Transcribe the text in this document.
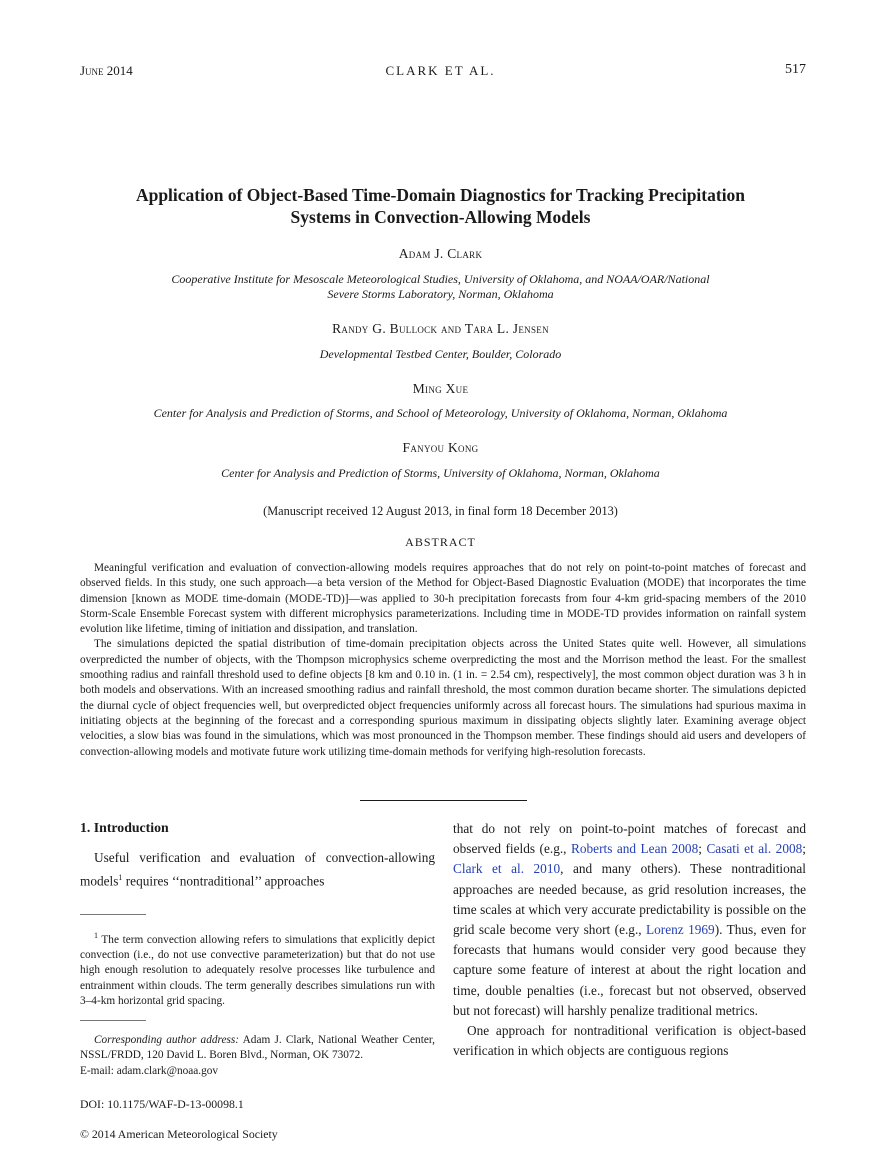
June 2014	CLARK ET AL.	517
Application of Object-Based Time-Domain Diagnostics for Tracking Precipitation
Systems in Convection-Allowing Models
Adam J. Clark
Cooperative Institute for Mesoscale Meteorological Studies, University of Oklahoma, and NOAA/OAR/National
Severe Storms Laboratory, Norman, Oklahoma
Randy G. Bullock and Tara L. Jensen
Developmental Testbed Center, Boulder, Colorado
Ming Xue
Center for Analysis and Prediction of Storms, and School of Meteorology, University of Oklahoma, Norman, Oklahoma
Fanyou Kong
Center for Analysis and Prediction of Storms, University of Oklahoma, Norman, Oklahoma
(Manuscript received 12 August 2013, in final form 18 December 2013)
ABSTRACT

Meaningful verification and evaluation of convection-allowing models requires approaches that do not rely on point-to-point matches of forecast and observed fields. In this study, one such approach—a beta version of the Method for Object-Based Diagnostic Evaluation (MODE) that incorporates the time dimension [known as MODE time-domain (MODE-TD)]—was applied to 30-h precipitation forecasts from four 4-km grid-spacing members of the 2010 Storm-Scale Ensemble Forecast system with different microphysics parameterizations. Including time in MODE-TD provides information on rainfall system evolution like lifetime, timing of initiation and dissipation, and translation.

The simulations depicted the spatial distribution of time-domain precipitation objects across the United States quite well. However, all simulations overpredicted the number of objects, with the Thompson microphysics scheme overpredicting the most and the Morrison method the least. For the smallest smoothing radius and rainfall threshold used to define objects [8 km and 0.10 in. (1 in. = 2.54 cm), respectively], the most common object duration was 3 h in both models and observations. With an increased smoothing radius and rainfall threshold, the most common duration became shorter. The simulations depicted the diurnal cycle of object frequencies well, but overpredicted object frequencies uniformly across all forecast hours. The simulations had spurious maxima in initiating objects at the beginning of the forecast and a corresponding spurious maximum in dissipating objects slightly later. Examining average object velocities, a slow bias was found in the simulations, which was most pronounced in the Thompson member. These findings should aid users and developers of convection-allowing models and motivate future work utilizing time-domain methods for verifying high-resolution forecasts.

1. Introduction

Useful verification and evaluation of convection-allowing models$^1$ requires ‘‘nontraditional’’ approaches

$^1$ The term convection allowing refers to simulations that explicitly depict convection (i.e., do not use convective parameterization) but that do not use high enough resolution to adequately resolve processes like turbulence and entrainment within clouds. The term generally describes simulations run with 3–4-km horizontal grid spacing.

Corresponding author address: Adam J. Clark, National Weather Center, NSSL/FRDD, 120 David L. Boren Blvd., Norman, OK 73072.

E-mail: adam.clark@noaa.gov

DOI: 10.1175/WAF-D-13-00098.1
© 2014 American Meteorological Society

that do not rely on point-to-point matches of forecast and observed fields (e.g., Roberts and Lean 2008; Casati et al. 2008; Clark et al. 2010, and many others). These nontraditional approaches are needed because, as grid resolution increases, the time scales at which very accurate predictability is possible on the grid scale become very short (e.g., Lorenz 1969). Thus, even for forecasts that humans would consider very good because they capture some feature of interest at about the right location and time, double penalties (i.e., forecast but not observed, observed but not forecast) will harshly penalize traditional metrics.

One approach for nontraditional verification is object-based verification in which objects are contiguous regions
